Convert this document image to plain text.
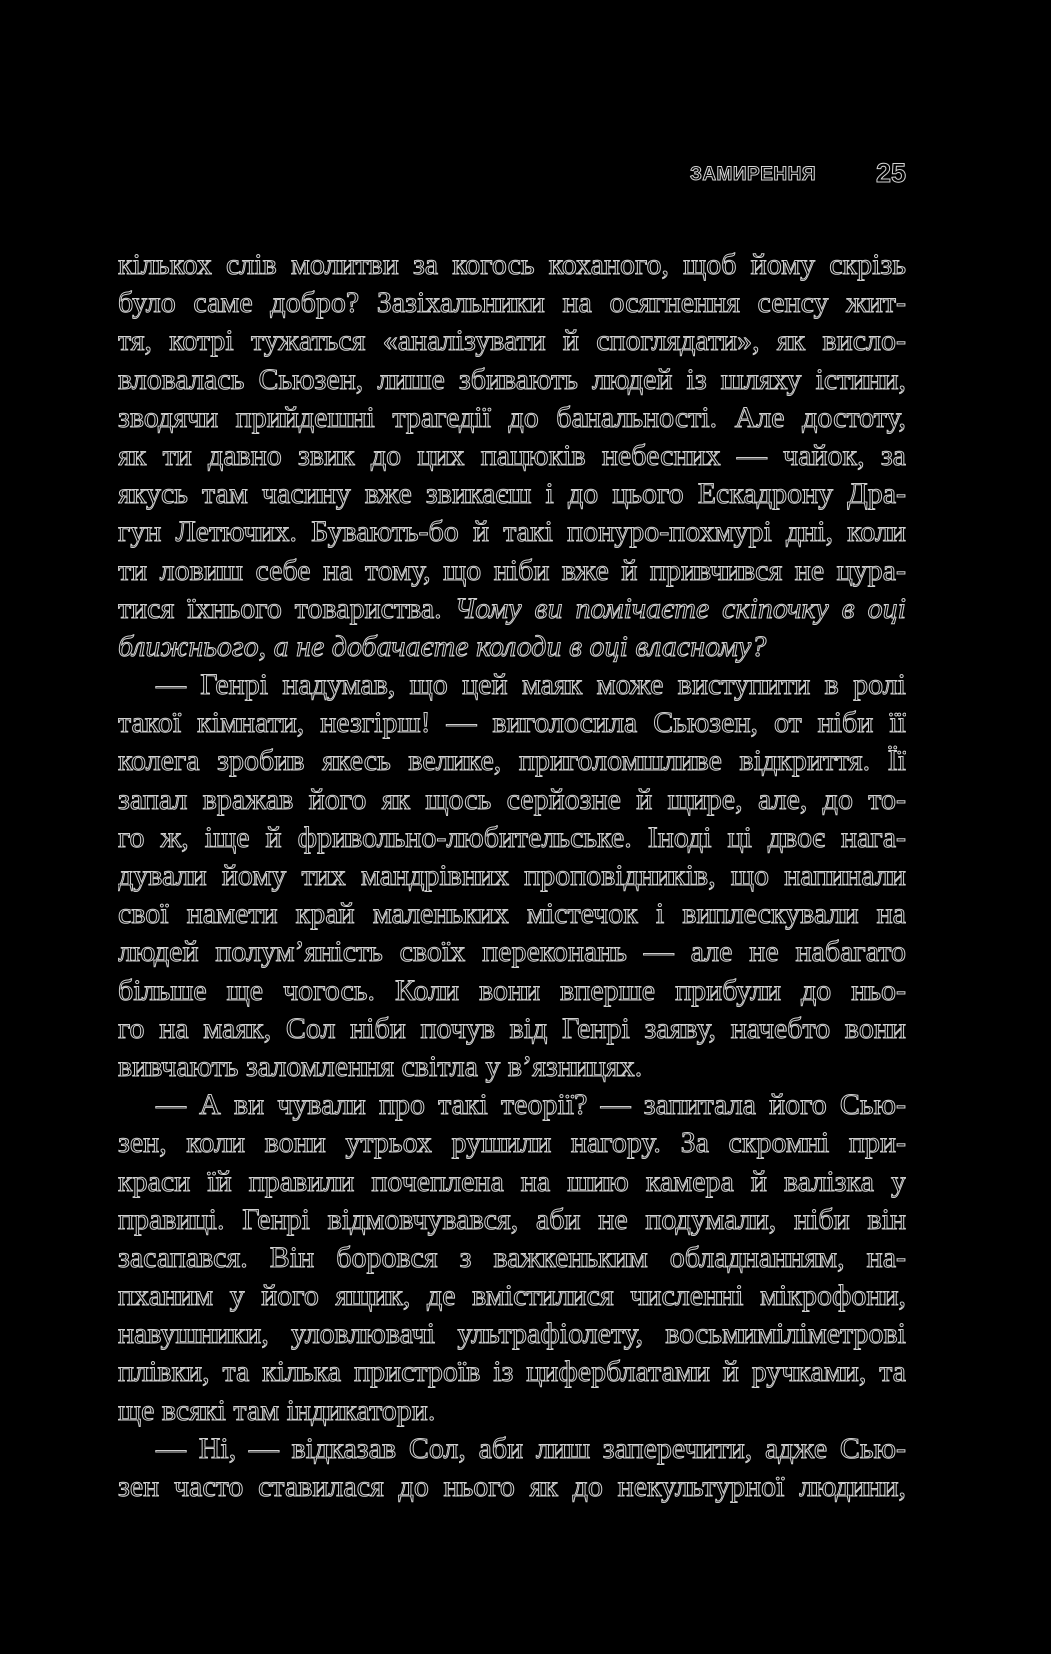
ЗАМИРЕННЯ 25
кількох слів молитви за когось коханого, щоб йому скрізь
було саме добро? Зазіхальники на осягнення сенсу жит-
тя, котрі тужаться «аналізувати й споглядати», як висло-
вловалась Сьюзен, лише збивають людей із шляху істини,
зводячи прийдешні трагедії до банальності. Але достоту,
як ти давно звик до цих пацюків небесних — чайок, за
якусь там часину вже звикаєш і до цього Ескадрону Дра-
гун Летючих. Бувають-бо й такі понуро-похмурі дні, коли
ти ловиш себе на тому, що ніби вже й привчився не цура-
тися їхнього товариства. Чому ви помічаєте скіпочку в оці
ближнього, а не добачаєте колоди в оці власному?
— Генрі надумав, що цей маяк може виступити в ролі
такої кімнати, незгірш! — виголосила Сьюзен, от ніби її
колега зробив якесь велике, приголомшливе відкриття. Її
запал вражав його як щось серйозне й щире, але, до то-
го ж, іще й фривольно-любительське. Іноді ці двоє нага-
дували йому тих мандрівних проповідників, що напинали
свої намети край маленьких містечок і виплескували на
людей полум’яність своїх переконань — але не набагато
більше ще чогось. Коли вони вперше прибули до ньо-
го на маяк, Сол ніби почув від Генрі заяву, начебто вони
вивчають заломлення світла у в’язницях.
— А ви чували про такі теорії? — запитала його Сью-
зен, коли вони утрьох рушили нагору. За скромні при-
краси їй правили почеплена на шию камера й валізка у
правиці. Генрі відмовчувався, аби не подумали, ніби він
засапався. Він боровся з важкеньким обладнанням, на-
пханим у його ящик, де вмістилися численні мікрофони,
навушники, уловлювачі ультрафіолету, восьмиміліметрові
плівки, та кілька пристроїв із циферблатами й ручками, та
ще всякі там індикатори.
— Ні, — відказав Сол, аби лиш заперечити, адже Сью-
зен часто ставилася до нього як до некультурної людини,
